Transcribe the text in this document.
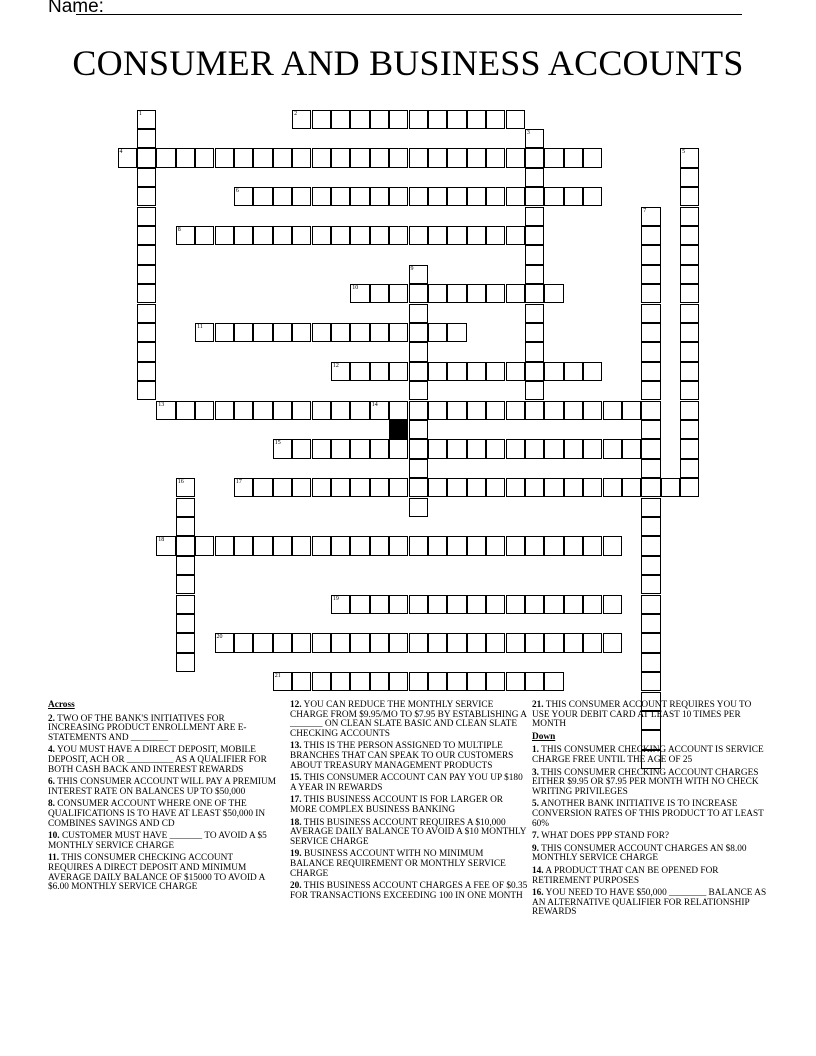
Name:
CONSUMER AND BUSINESS ACCOUNTS
2
4
6
8
10
11
12
13	14
15
17
18
19
20
21
1
3
5
7
9
16
Across
2. TWO OF THE BANK'S INITIATIVES FOR INCREASING PRODUCT ENROLLMENT ARE E-STATEMENTS AND ________
4. YOU MUST HAVE A DIRECT DEPOSIT, MOBILE DEPOSIT, ACH OR __________ AS A QUALIFIER FOR BOTH CASH BACK AND INTEREST REWARDS
6. THIS CONSUMER ACCOUNT WILL PAY A PREMIUM INTEREST RATE ON BALANCES UP TO $50,000
8. CONSUMER ACCOUNT WHERE ONE OF THE QUALIFICATIONS IS TO HAVE AT LEAST $50,000 IN COMBINES SAVINGS AND CD
10. CUSTOMER MUST HAVE _______ TO AVOID A $5 MONTHLY SERVICE CHARGE
11. THIS CONSUMER CHECKING ACCOUNT REQUIRES A DIRECT DEPOSIT AND MINIMUM AVERAGE DAILY BALANCE OF $15000 TO AVOID A $6.00 MONTHLY SERVICE CHARGE
12. YOU CAN REDUCE THE MONTHLY SERVICE CHARGE FROM $9.95/MO TO $7.95 BY ESTABLISHING A _______ ON CLEAN SLATE BASIC AND CLEAN SLATE CHECKING ACCOUNTS
13. THIS IS THE PERSON ASSIGNED TO MULTIPLE BRANCHES THAT CAN SPEAK TO OUR CUSTOMERS ABOUT TREASURY MANAGEMENT PRODUCTS
15. THIS CONSUMER ACCOUNT CAN PAY YOU UP $180 A YEAR IN REWARDS
17. THIS BUSINESS ACCOUNT IS FOR LARGER OR MORE COMPLEX BUSINESS BANKING
18. THIS BUSINESS ACCOUNT REQUIRES A $10,000 AVERAGE DAILY BALANCE TO AVOID A $10 MONTHLY SERVICE CHARGE
19. BUSINESS ACCOUNT WITH NO MINIMUM BALANCE REQUIREMENT OR MONTHLY SERVICE CHARGE
20. THIS BUSINESS ACCOUNT CHARGES A FEE OF $0.35 FOR TRANSACTIONS EXCEEDING 100 IN ONE MONTH
21. THIS CONSUMER ACCOUNT REQUIRES YOU TO USE YOUR DEBIT CARD AT LEAST 10 TIMES PER MONTH
Down
1. THIS CONSUMER CHECKING ACCOUNT IS SERVICE CHARGE FREE UNTIL THE AGE OF 25
3. THIS CONSUMER CHECKING ACCOUNT CHARGES EITHER $9.95 OR $7.95 PER MONTH WITH NO CHECK WRITING PRIVILEGES
5. ANOTHER BANK INITIATIVE IS TO INCREASE CONVERSION RATES OF THIS PRODUCT TO AT LEAST 60%
7. WHAT DOES PPP STAND FOR?
9. THIS CONSUMER ACCOUNT CHARGES AN $8.00 MONTHLY SERVICE CHARGE
14. A PRODUCT THAT CAN BE OPENED FOR RETIREMENT PURPOSES
16. YOU NEED TO HAVE $50,000 ________ BALANCE AS AN ALTERNATIVE QUALIFIER FOR RELATIONSHIP REWARDS
